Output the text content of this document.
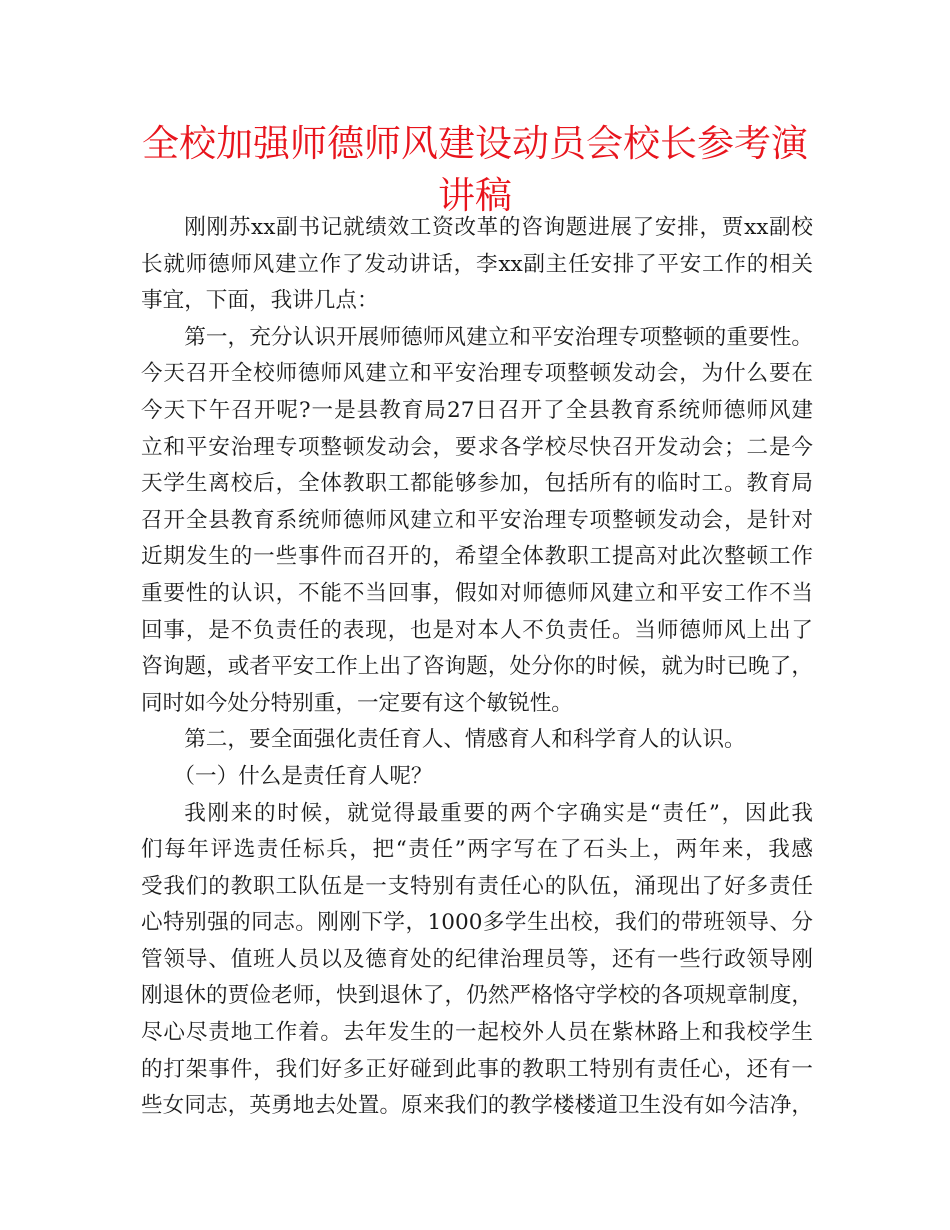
全校加强师德师风建设动员会校长参考演
讲稿
刚刚苏xx副书记就绩效工资改革的咨询题进展了安排，贾xx副校
长就师德师风建立作了发动讲话，李xx副主任安排了平安工作的相关
事宜，下面，我讲几点：
第一，充分认识开展师德师风建立和平安治理专项整顿的重要性。
今天召开全校师德师风建立和平安治理专项整顿发动会，为什么要在
今天下午召开呢?一是县教育局27日召开了全县教育系统师德师风建
立和平安治理专项整顿发动会，要求各学校尽快召开发动会；二是今
天学生离校后，全体教职工都能够参加，包括所有的临时工。教育局
召开全县教育系统师德师风建立和平安治理专项整顿发动会，是针对
近期发生的一些事件而召开的，希望全体教职工提高对此次整顿工作
重要性的认识，不能不当回事，假如对师德师风建立和平安工作不当
回事，是不负责任的表现，也是对本人不负责任。当师德师风上出了
咨询题，或者平安工作上出了咨询题，处分你的时候，就为时已晚了，
同时如今处分特别重，一定要有这个敏锐性。
第二，要全面强化责任育人、情感育人和科学育人的认识。
（一）什么是责任育人呢？
我刚来的时候，就觉得最重要的两个字确实是“责任”，因此我
们每年评选责任标兵，把“责任”两字写在了石头上，两年来，我感
受我们的教职工队伍是一支特别有责任心的队伍，涌现出了好多责任
心特别强的同志。刚刚下学，1000多学生出校，我们的带班领导、分
管领导、值班人员以及德育处的纪律治理员等，还有一些行政领导刚
刚退休的贾俭老师，快到退休了，仍然严格恪守学校的各项规章制度，
尽心尽责地工作着。去年发生的一起校外人员在紫林路上和我校学生
的打架事件，我们好多正好碰到此事的教职工特别有责任心，还有一
些女同志，英勇地去处置。原来我们的教学楼楼道卫生没有如今洁净，
